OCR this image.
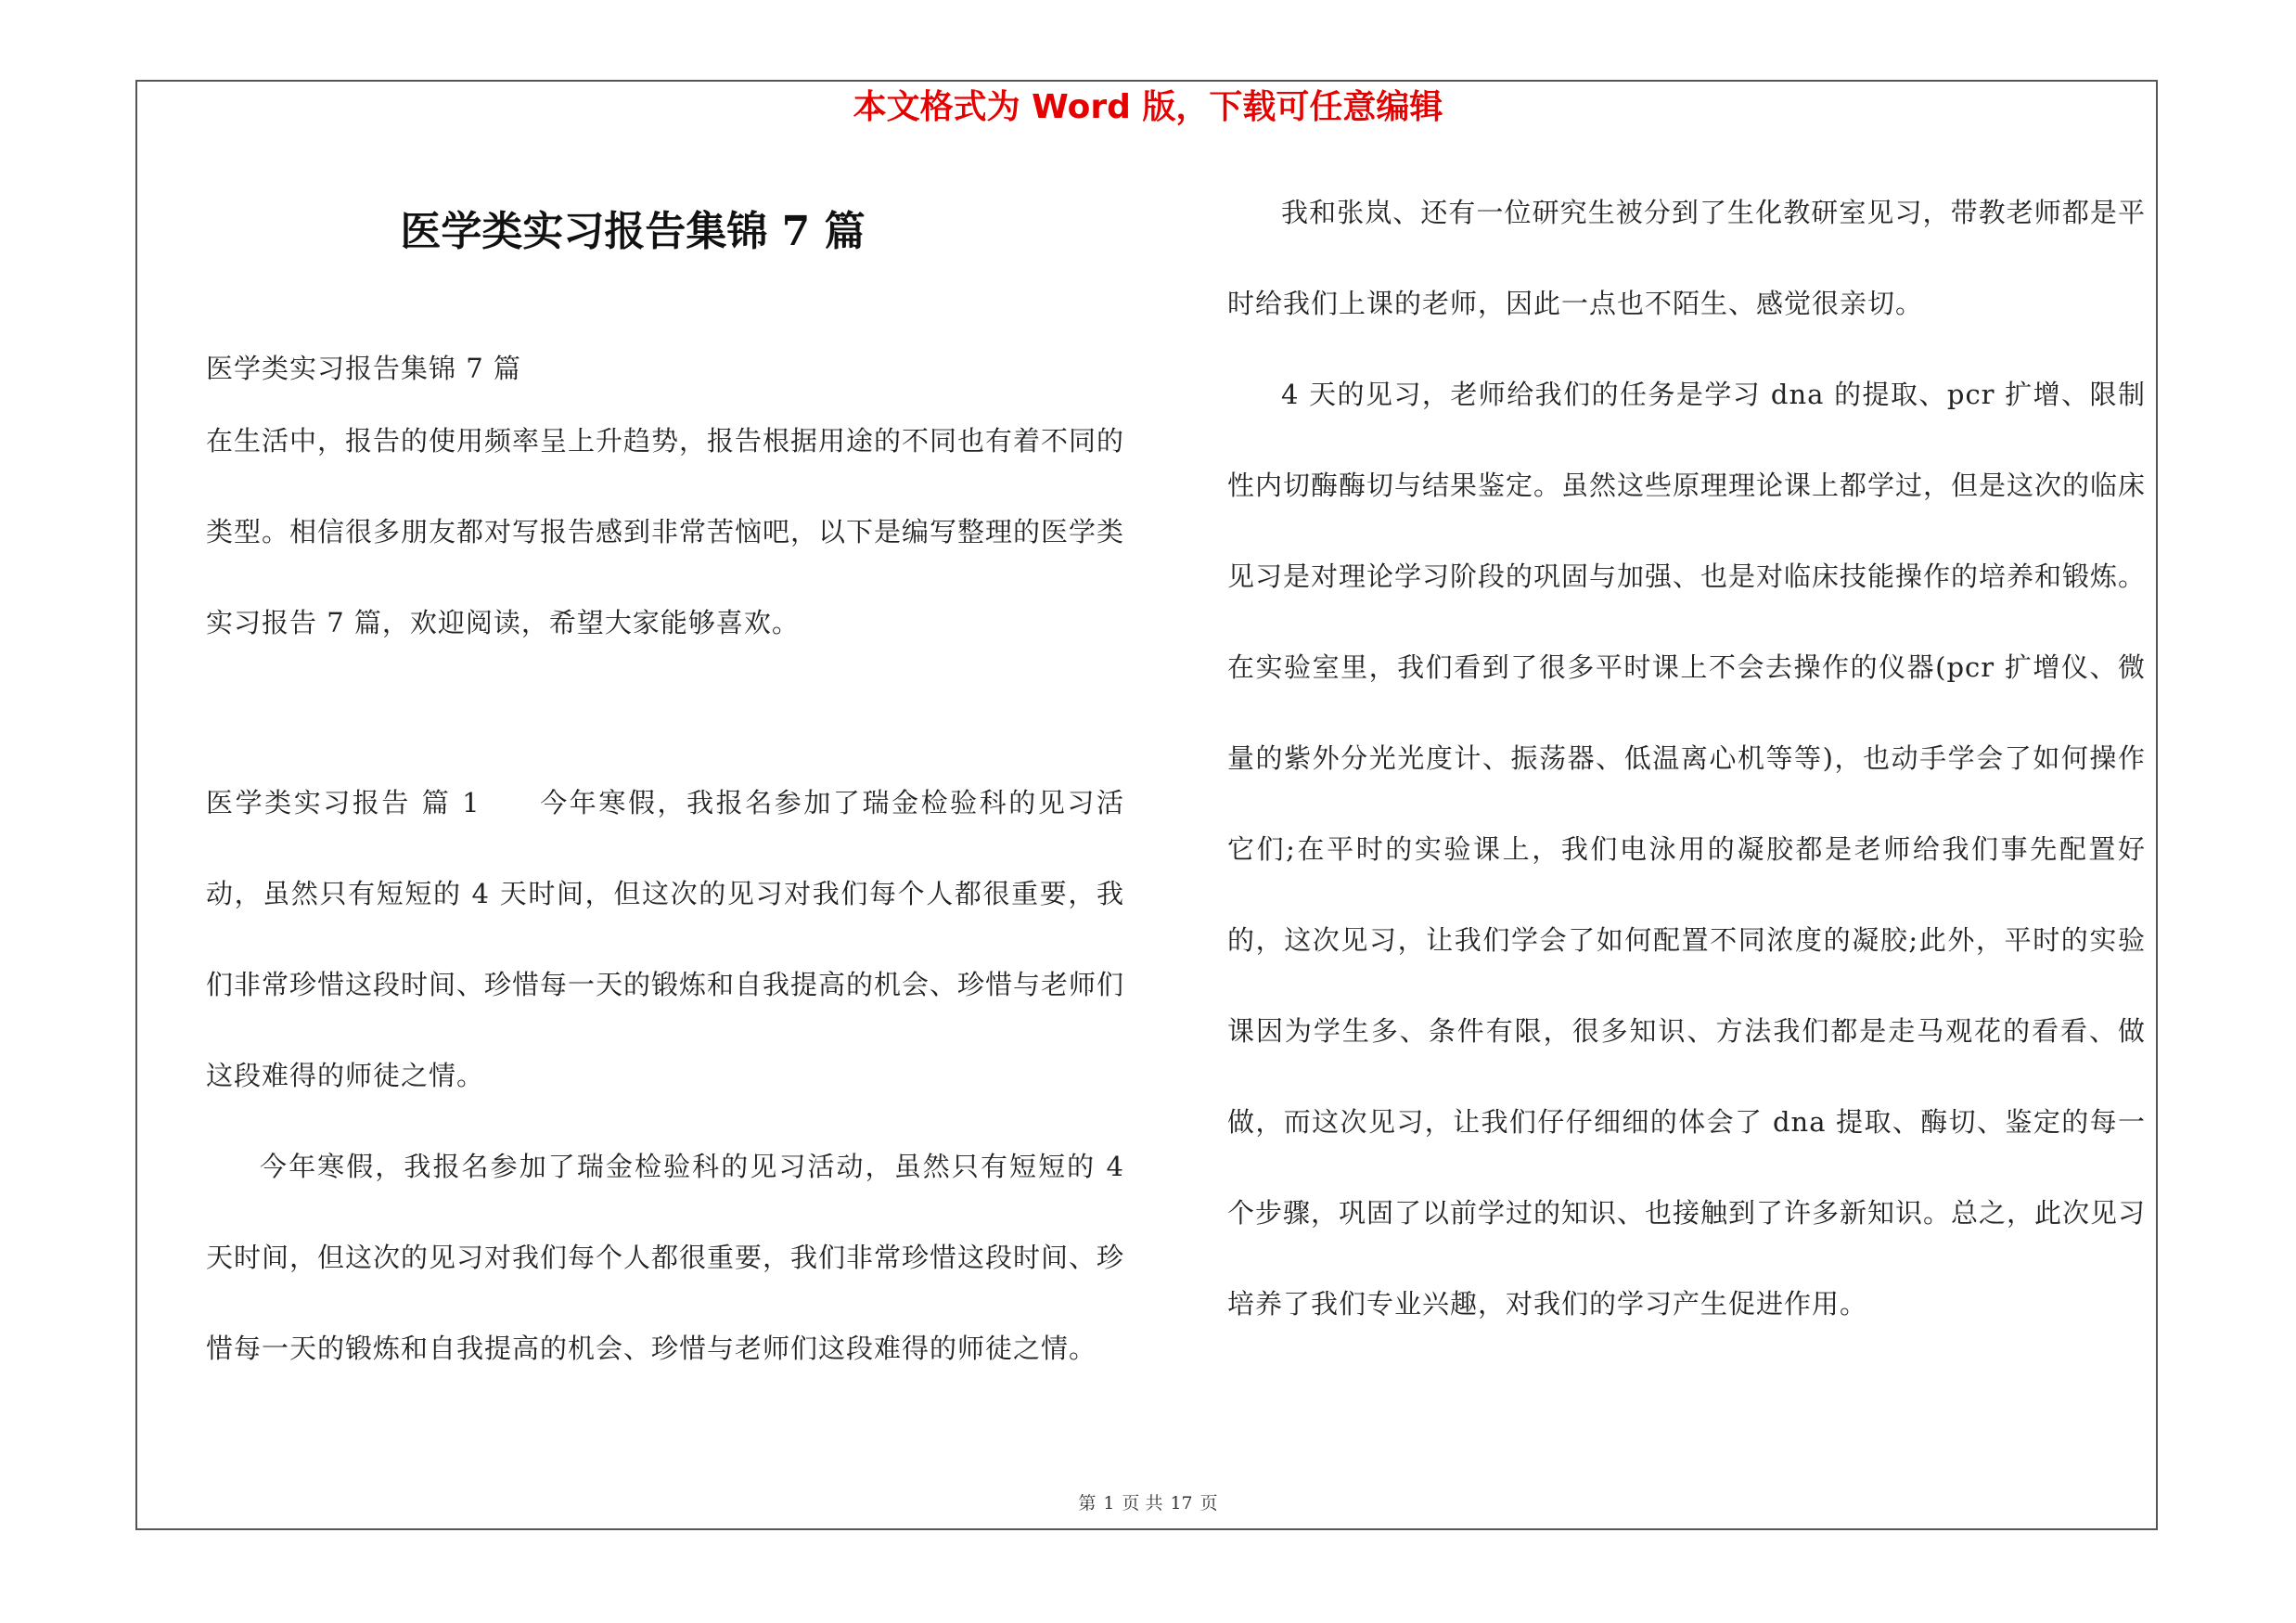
本文格式为 Word 版，下载可任意编辑
医学类实习报告集锦 7 篇
医学类实习报告集锦 7 篇
在生活中，报告的使用频率呈上升趋势，报告根据用途的不同也有着不同的类型。相信很多朋友都对写报告感到非常苦恼吧，以下是编写整理的医学类实习报告 7 篇，欢迎阅读，希望大家能够喜欢。
医学类实习报告 篇 1　　今年寒假，我报名参加了瑞金检验科的见习活动，虽然只有短短的 4 天时间，但这次的见习对我们每个人都很重要，我们非常珍惜这段时间、珍惜每一天的锻炼和自我提高的机会、珍惜与老师们这段难得的师徒之情。
今年寒假，我报名参加了瑞金检验科的见习活动，虽然只有短短的 4 天时间，但这次的见习对我们每个人都很重要，我们非常珍惜这段时间、珍惜每一天的锻炼和自我提高的机会、珍惜与老师们这段难得的师徒之情。
我和张岚、还有一位研究生被分到了生化教研室见习，带教老师都是平时给我们上课的老师，因此一点也不陌生、感觉很亲切。
4 天的见习，老师给我们的任务是学习 dna 的提取、pcr 扩增、限制性内切酶酶切与结果鉴定。虽然这些原理理论课上都学过，但是这次的临床见习是对理论学习阶段的巩固与加强、也是对临床技能操作的培养和锻炼。在实验室里，我们看到了很多平时课上不会去操作的仪器(pcr 扩增仪、微量的紫外分光光度计、振荡器、低温离心机等等)，也动手学会了如何操作它们;在平时的实验课上，我们电泳用的凝胶都是老师给我们事先配置好的，这次见习，让我们学会了如何配置不同浓度的凝胶;此外，平时的实验课因为学生多、条件有限，很多知识、方法我们都是走马观花的看看、做做，而这次见习，让我们仔仔细细的体会了 dna 提取、酶切、鉴定的每一个步骤，巩固了以前学过的知识、也接触到了许多新知识。总之，此次见习培养了我们专业兴趣，对我们的学习产生促进作用。
第 1 页 共 17 页
